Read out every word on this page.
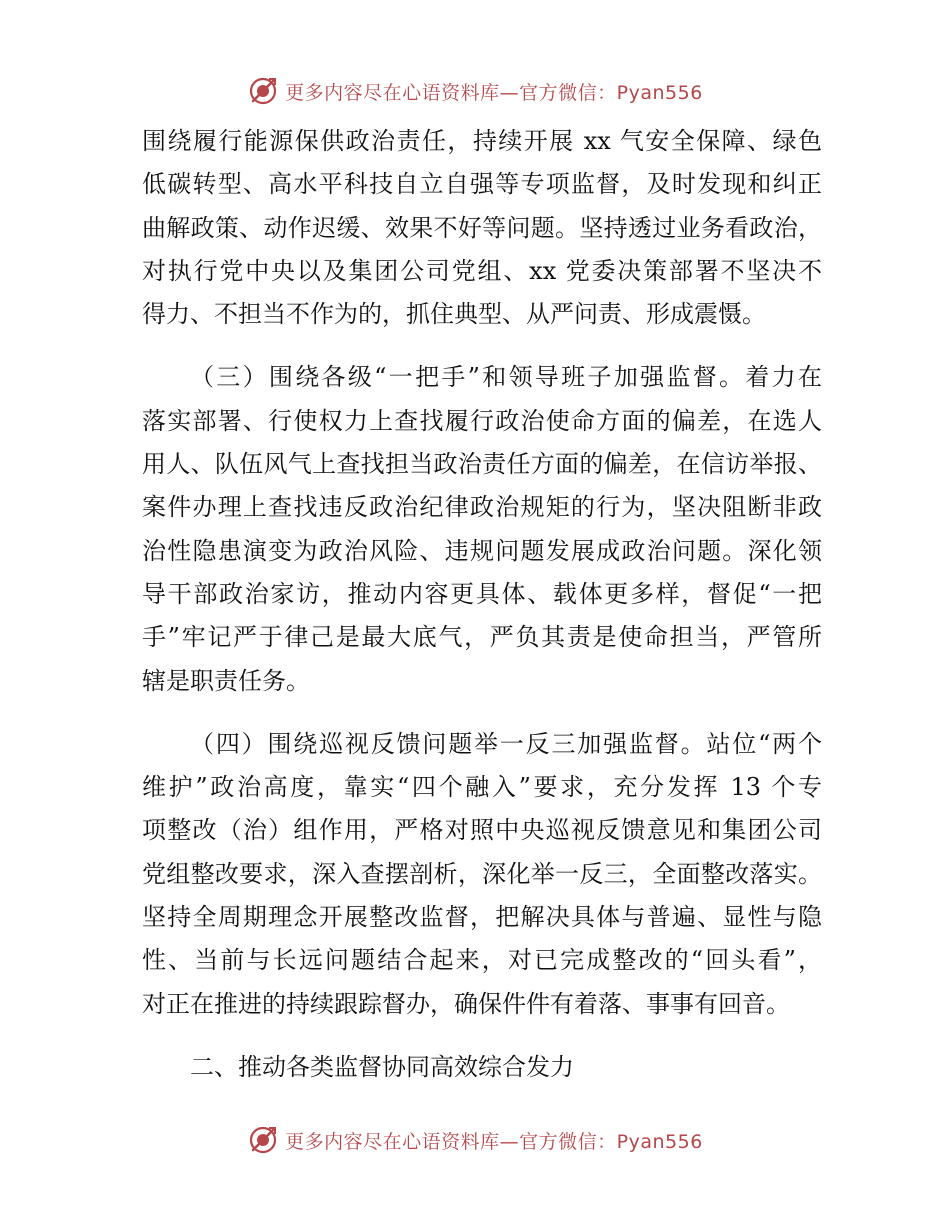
更多内容尽在心语资料库—官方微信：Pyan556
围绕履行能源保供政治责任，持续开展 xx 气安全保障、绿色
低碳转型、高水平科技自立自强等专项监督，及时发现和纠正
曲解政策、动作迟缓、效果不好等问题。坚持透过业务看政治，
对执行党中央以及集团公司党组、xx 党委决策部署不坚决不
得力、不担当不作为的，抓住典型、从严问责、形成震慑。
（三）围绕各级“一把手”和领导班子加强监督。着力在
落实部署、行使权力上查找履行政治使命方面的偏差，在选人
用人、队伍风气上查找担当政治责任方面的偏差，在信访举报、
案件办理上查找违反政治纪律政治规矩的行为，坚决阻断非政
治性隐患演变为政治风险、违规问题发展成政治问题。深化领
导干部政治家访，推动内容更具体、载体更多样，督促“一把
手”牢记严于律己是最大底气，严负其责是使命担当，严管所
辖是职责任务。
（四）围绕巡视反馈问题举一反三加强监督。站位“两个
维护”政治高度，靠实“四个融入”要求，充分发挥 13 个专
项整改（治）组作用，严格对照中央巡视反馈意见和集团公司
党组整改要求，深入查摆剖析，深化举一反三，全面整改落实。
坚持全周期理念开展整改监督，把解决具体与普遍、显性与隐
性、当前与长远问题结合起来，对已完成整改的“回头看”，
对正在推进的持续跟踪督办，确保件件有着落、事事有回音。
二、推动各类监督协同高效综合发力
更多内容尽在心语资料库—官方微信：Pyan556
